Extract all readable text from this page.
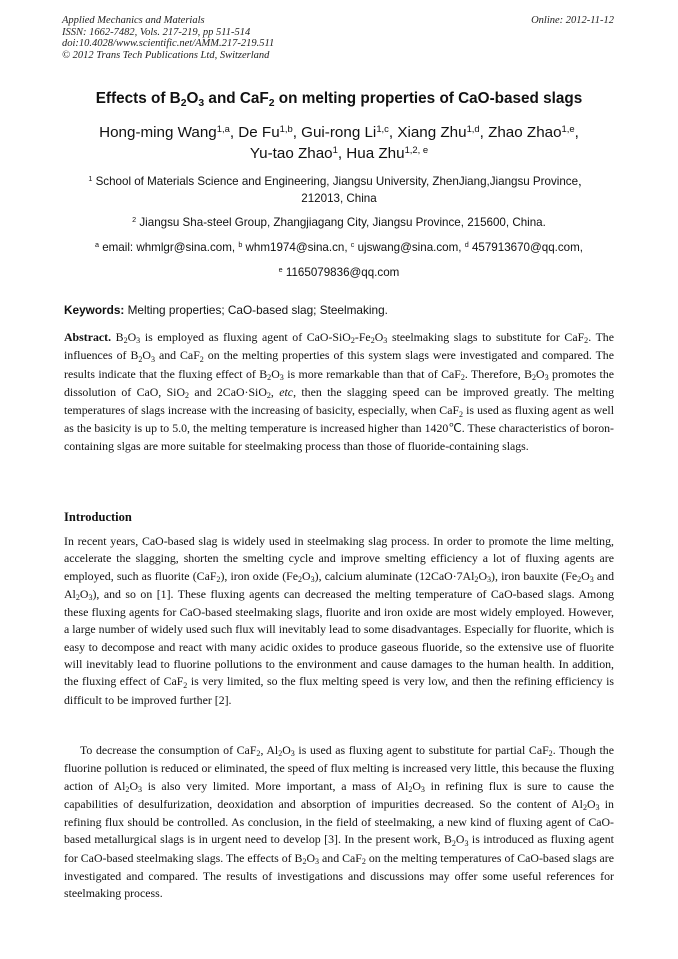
Applied Mechanics and Materials
ISSN: 1662-7482, Vols. 217-219, pp 511-514
doi:10.4028/www.scientific.net/AMM.217-219.511
© 2012 Trans Tech Publications Ltd, Switzerland
Online: 2012-11-12
Effects of $B_2O_3$ and CaF$_2$ on melting properties of CaO-based slags
Hong-ming Wang$^{1,a}$, De Fu$^{1,b}$, Gui-rong Li$^{1,c}$, Xiang Zhu$^{1,d}$, Zhao Zhao$^{1,e}$,
Yu-tao Zhao$^1$, Hua Zhu$^{1,2, e}$
$^1$ School of Materials Science and Engineering, Jiangsu University, ZhenJiang,Jiangsu Province，
212013, China
$^2$ Jiangsu Sha-steel Group, Zhangjiagang City, Jiangsu Province, 215600, China.
$^a$ email: whmlgr@sina.com, $^b$ whm1974@sina.cn, $^c$ ujswang@sina.com, $^d$ 457913670@qq.com,
$^e$ 1165079836@qq.com
Keywords: Melting properties; CaO-based slag; Steelmaking.

Abstract. $B_2O_3$ is employed as fluxing agent of CaO-$SiO_2-Fe_2O_3$ steelmaking slags to substitute for CaF$_2$. The influences of $B_2O_3$ and CaF$_2$ on the melting properties of this system slags were investigated and compared. The results indicate that the fluxing effect of $B_2O_3$ is more remarkable than that of CaF$_2$. Therefore, $B_2O_3$ promotes the dissolution of CaO, SiO$_2$ and 2CaO·SiO$_2$, etc, then the slagging speed can be improved greatly. The melting temperatures of slags increase with the increasing of basicity, especially, when CaF$_2$ is used as fluxing agent as well as the basicity is up to 5.0, the melting temperature is increased higher than 1420℃. These characteristics of boron-containing slgas are more suitable for steelmaking process than those of fluoride-containing slags.

Introduction

In recent years, CaO-based slag is widely used in steelmaking slag process. In order to promote the lime melting, accelerate the slagging, shorten the smelting cycle and improve smelting efficiency a lot of fluxing agents are employed, such as fluorite (CaF$_2$), iron oxide $(Fe_2O_3)$, calcium aluminate $(12CaO\cdot 7Al_2O_3)$, iron bauxite ($Fe_2O_3$ and $Al_2O_3$), and so on [1]. These fluxing agents can decreased the melting temperature of CaO-based slags. Among these fluxing agents for CaO-based steelmaking slags, fluorite and iron oxide are most widely employed. However, a large number of widely used such flux will inevitably lead to some disadvantages. Especially for fluorite, which is easy to decompose and react with many acidic oxides to produce gaseous fluoride, so the extensive use of fluorite will inevitably lead to fluorine pollutions to the environment and cause damages to the human health. In addition, the fluxing effect of CaF$_2$ is very limited, so the flux melting speed is very low, and then the refining efficiency is difficult to be improved further [2].

To decrease the consumption of CaF$_2$, $Al_2O_3$ is used as fluxing agent to substitute for partial CaF$_2$. Though the fluorine pollution is reduced or eliminated, the speed of flux melting is increased very little, this because the fluxing action of $Al_2O_3$ is also very limited. More important, a mass of $Al_2O_3$ in refining flux is sure to cause the capabilities of desulfurization, deoxidation and absorption of impurities decreased. So the content of $Al_2O_3$ in refining flux should be controlled. As conclusion, in the field of steelmaking, a new kind of fluxing agent of CaO-based metallurgical slags is in urgent need to develop [3]. In the present work, $B_2O_3$ is introduced as fluxing agent for CaO-based steelmaking slags. The effects of $B_2O_3$ and CaF$_2$ on the melting temperatures of CaO-based slags are investigated and compared. The results of investigations and discussions may offer some useful references for steelmaking process.
